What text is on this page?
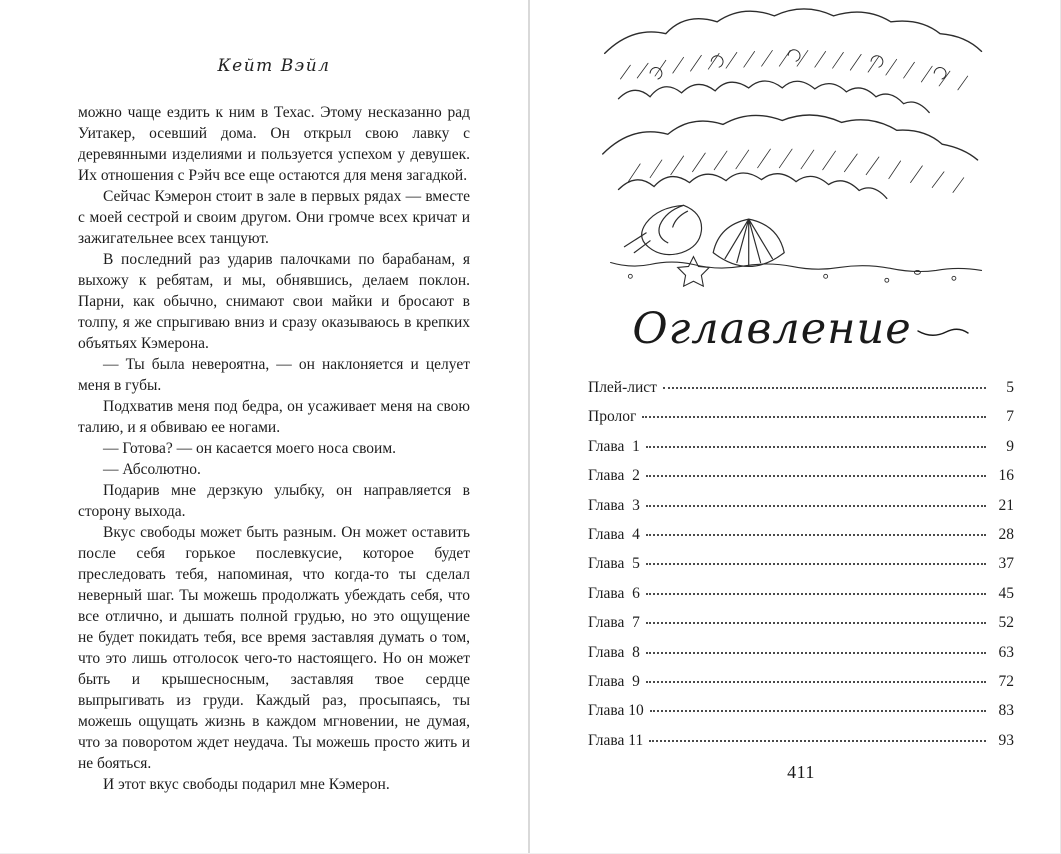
Кейт Вэйл

можно чаще ездить к ним в Техас. Этому несказанно рад Уитакер, осевший дома. Он открыл свою лавку с деревянными изделиями и пользуется успехом у девушек. Их отношения с Рэйч все еще остаются для меня загадкой.

Сейчас Кэмерон стоит в зале в первых рядах — вместе с моей сестрой и своим другом. Они громче всех кричат и зажигательнее всех танцуют.

В последний раз ударив палочками по барабанам, я выхожу к ребятам, и мы, обнявшись, делаем поклон. Парни, как обычно, снимают свои майки и бросают в толпу, я же спрыгиваю вниз и сразу оказываюсь в крепких объятьях Кэмерона.

— Ты была невероятна, — он наклоняется и целует меня в губы.

Подхватив меня под бедра, он усаживает меня на свою талию, и я обвиваю ее ногами.

— Готова? — он касается моего носа своим.

— Абсолютно.

Подарив мне дерзкую улыбку, он направляется в сторону выхода.

Вкус свободы может быть разным. Он может оставить после себя горькое послевкусие, которое будет преследовать тебя, напоминая, что когда-то ты сделал неверный шаг. Ты можешь продолжать убеждать себя, что все отлично, и дышать полной грудью, но это ощущение не будет покидать тебя, все время заставляя думать о том, что это лишь отголосок чего-то настоящего. Но он может быть и крышесносным, заставляя твое сердце выпрыгивать из груди. Каждый раз, просыпаясь, ты можешь ощущать жизнь в каждом мгновении, не думая, что за поворотом ждет неудача. Ты можешь просто жить и не бояться.

И этот вкус свободы подарил мне Кэмерон.

Оглавление
Плей-лист	5
Пролог	7
Глава  1	9
Глава  2	16
Глава  3	21
Глава  4	28
Глава  5	37
Глава  6	45
Глава  7	52
Глава  8	63
Глава  9	72
Глава 10	83
Глава 11	93
411
